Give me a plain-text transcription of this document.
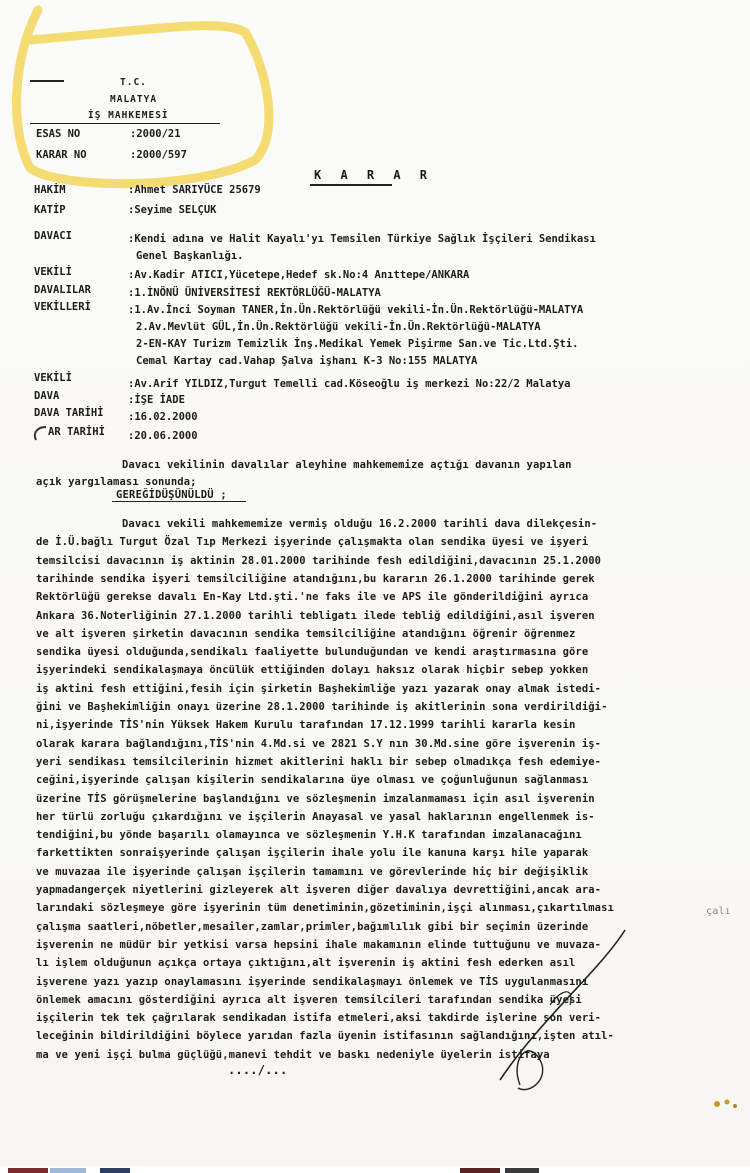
T.C.
MALATYA
İŞ MAHKEMESİ
ESAS NO	:2000/21
KARAR NO	:2000/597
K A R A R
HAKİM	:Ahmet SARIYÜCE 25679
KATİP	:Seyime SELÇUK
DAVACI	:Kendi adına ve Halit Kayalı'yı Temsilen Türkiye Sağlık İşçileri Sendikası
Genel Başkanlığı.
VEKİLİ	:Av.Kadir ATICI,Yücetepe,Hedef sk.No:4 Anıttepe/ANKARA
DAVALILAR	:1.İNÖNÜ ÜNİVERSİTESİ REKTÖRLÜĞÜ-MALATYA
VEKİLLERİ	:1.Av.İnci Soyman TANER,İn.Ün.Rektörlüğü vekili-İn.Ün.Rektörlüğü-MALATYA
2.Av.Mevlüt GÜL,İn.Ün.Rektörlüğü vekili-İn.Ün.Rektörlüğü-MALATYA
2-EN-KAY Turizm Temizlik İnş.Medikal Yemek Pişirme San.ve Tic.Ltd.Şti.
Cemal Kartay cad.Vahap Şalva işhanı K-3 No:155 MALATYA
VEKİLİ	:Av.Arif YILDIZ,Turgut Temelli cad.Köseoğlu iş merkezi No:22/2 Malatya
DAVA	:İŞE İADE
DAVA TARİHİ :16.02.2000
AR TARİHİ :20.06.2000
Davacı vekilinin davalılar aleyhine mahkememize açtığı davanın yapılan
açık yargılaması sonunda;
GEREĞİDÜŞÜNÜLDÜ ;
Davacı vekili mahkememize vermiş olduğu 16.2.2000 tarihli dava dilekçesin-
de İ.Ü.bağlı Turgut Özal Tıp Merkezi işyerinde çalışmakta olan sendika üyesi ve işyeri
temsilcisi davacının iş aktinin 28.01.2000 tarihinde fesh edildiğini,davacının 25.1.2000
tarihinde sendika işyeri temsilciliğine atandığını,bu kararın 26.1.2000 tarihinde gerek
Rektörlüğü gerekse davalı En-Kay Ltd.şti.'ne faks ile ve APS ile gönderildiğini ayrıca
Ankara 36.Noterliğinin 27.1.2000 tarihli tebligatı ilede tebliğ edildiğini,asıl işveren
ve alt işveren şirketin davacının sendika temsilciliğine atandığını öğrenir öğrenmez
sendika üyesi olduğunda,sendikalı faaliyette bulunduğundan ve kendi araştırmasına göre
işyerindeki sendikalaşmaya öncülük ettiğinden dolayı haksız olarak hiçbir sebep yokken
iş aktini fesh ettiğini,fesih için şirketin Başhekimliğe yazı yazarak onay almak istedi-
ğini ve Başhekimliğin onayı üzerine 28.1.2000 tarihinde iş akitlerinin sona verdirildiği-
ni,işyerinde TİS'nin Yüksek Hakem Kurulu tarafından 17.12.1999 tarihli kararla kesin
olarak karara bağlandığını,TİS'nin 4.Md.si ve 2821 S.Y nın 30.Md.sine göre işverenin iş-
yeri sendikası temsilcilerinin hizmet akitlerini haklı bir sebep olmadıkça fesh edemiye-
ceğini,işyerinde çalışan kişilerin sendikalarına üye olması ve çoğunluğunun sağlanması
üzerine TİS görüşmelerine başlandığını ve sözleşmenin imzalanmaması için asıl işverenin
her türlü zorluğu çıkardığını ve işçilerin Anayasal ve yasal haklarının engellenmek is-
tendiğini,bu yönde başarılı olamayınca ve sözleşmenin Y.H.K tarafından imzalanacağını
farkettikten sonraişyerinde çalışan işçilerin ihale yolu ile kanuna karşı hile yaparak
ve muvazaa ile işyerinde çalışan işçilerin tamamını ve görevlerinde hiç bir değişiklik
yapmadangerçek niyetlerini gizleyerek alt işveren diğer davalıya devrettiğini,ancak ara-
larındaki sözleşmeye göre işyerinin tüm denetiminin,gözetiminin,işçi alınması,çıkartılması
çalışma saatleri,nöbetler,mesailer,zamlar,primler,bağımlılık gibi bir seçimin üzerinde
işverenin ne müdür bir yetkisi varsa hepsini ihale makamının elinde tuttuğunu ve muvaza-
lı işlem olduğunun açıkça ortaya çıktığını,alt işverenin iş aktini fesh ederken asıl
işverene yazı yazıp onaylamasını işyerinde sendikalaşmayı önlemek ve TİS uygulanmasını
önlemek amacını gösterdiğini ayrıca alt işveren temsilcileri tarafından sendika üyesi
işçilerin tek tek çağrılarak sendikadan istifa etmeleri,aksi takdirde işlerine son veri-
leceğinin bildirildiğini böylece yarıdan fazla üyenin istifasının sağlandığını,işten atıl-
ma ve yeni işçi bulma güçlüğü,manevi tehdit ve baskı nedeniyle üyelerin istifaya
..../...
çalı
